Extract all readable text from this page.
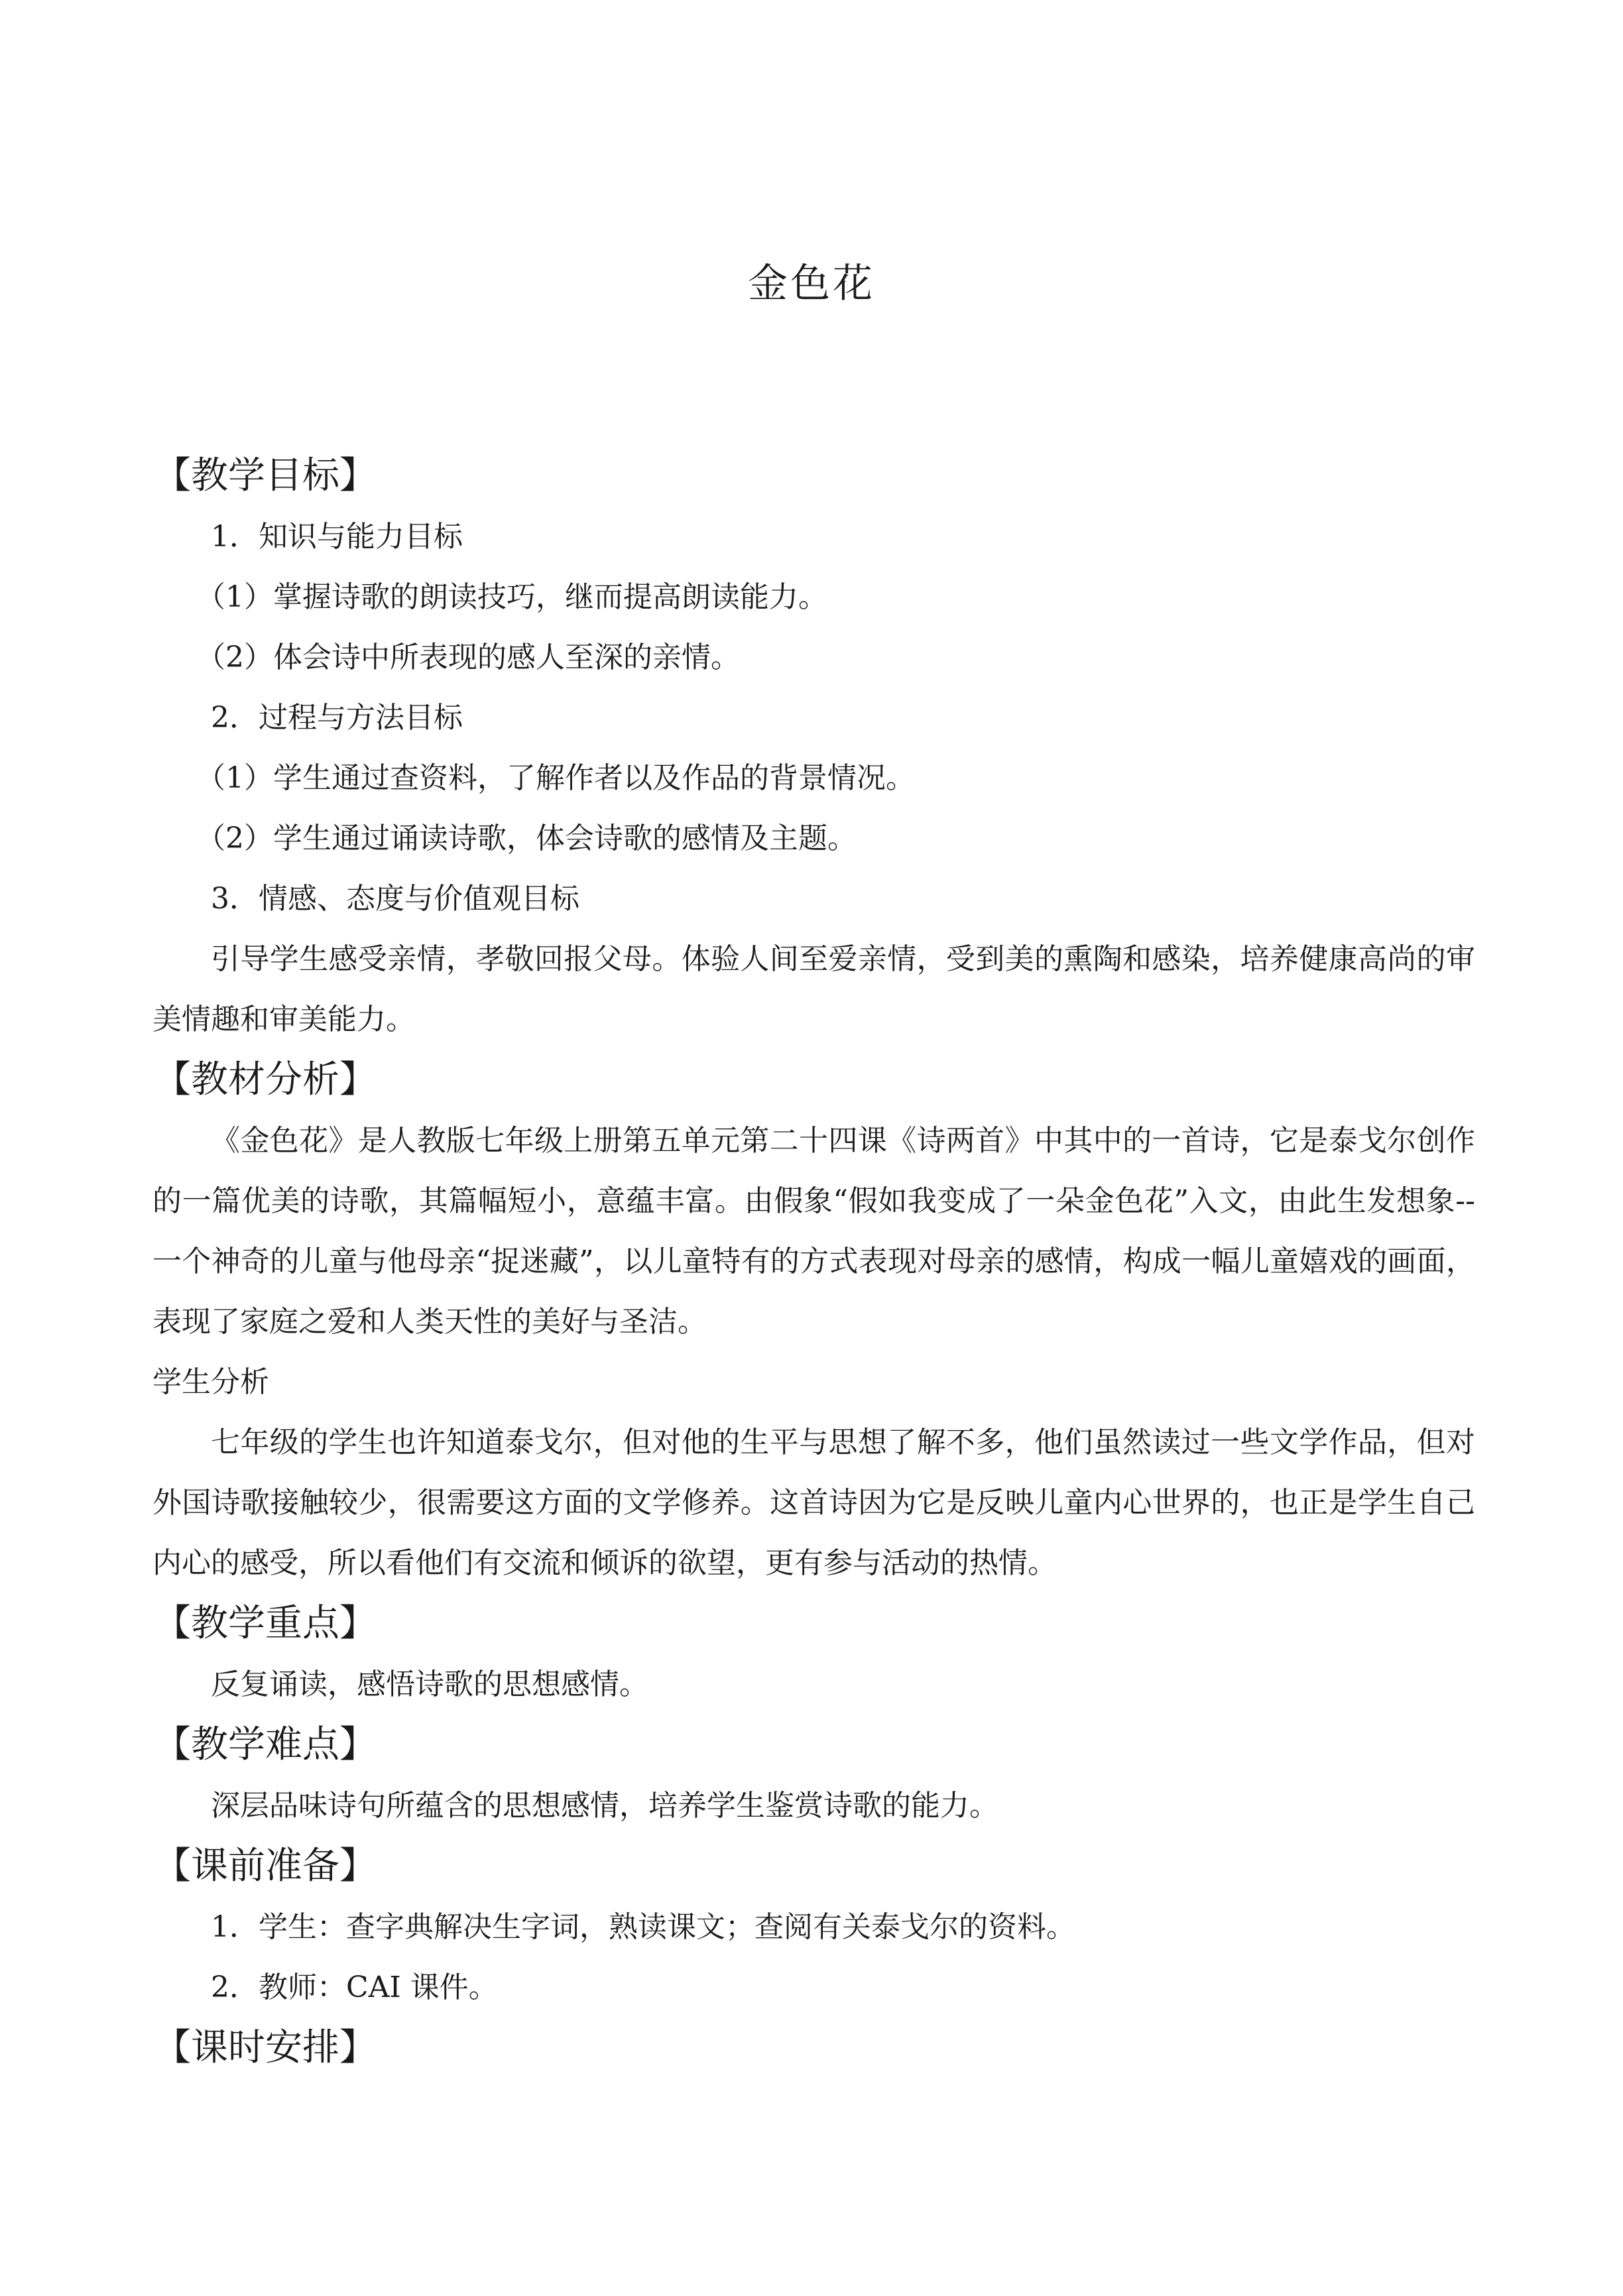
金色花
【教学目标】
1．知识与能力目标
（1）掌握诗歌的朗读技巧，继而提高朗读能力。
（2）体会诗中所表现的感人至深的亲情。
2．过程与方法目标
（1）学生通过查资料，了解作者以及作品的背景情况。
（2）学生通过诵读诗歌，体会诗歌的感情及主题。
3．情感、态度与价值观目标
引导学生感受亲情，孝敬回报父母。体验人间至爱亲情，受到美的熏陶和感染，培养健康高尚的审美情趣和审美能力。
【教材分析】
《金色花》是人教版七年级上册第五单元第二十四课《诗两首》中其中的一首诗，它是泰戈尔创作的一篇优美的诗歌，其篇幅短小，意蕴丰富。由假象“假如我变成了一朵金色花”入文，由此生发想象--一个神奇的儿童与他母亲“捉迷藏”，以儿童特有的方式表现对母亲的感情，构成一幅儿童嬉戏的画面，表现了家庭之爱和人类天性的美好与圣洁。
学生分析
七年级的学生也许知道泰戈尔，但对他的生平与思想了解不多，他们虽然读过一些文学作品，但对外国诗歌接触较少，很需要这方面的文学修养。这首诗因为它是反映儿童内心世界的，也正是学生自己内心的感受，所以看他们有交流和倾诉的欲望，更有参与活动的热情。
【教学重点】
反复诵读，感悟诗歌的思想感情。
【教学难点】
深层品味诗句所蕴含的思想感情，培养学生鉴赏诗歌的能力。
【课前准备】
1．学生：查字典解决生字词，熟读课文；查阅有关泰戈尔的资料。
2．教师：CAI 课件。
【课时安排】
